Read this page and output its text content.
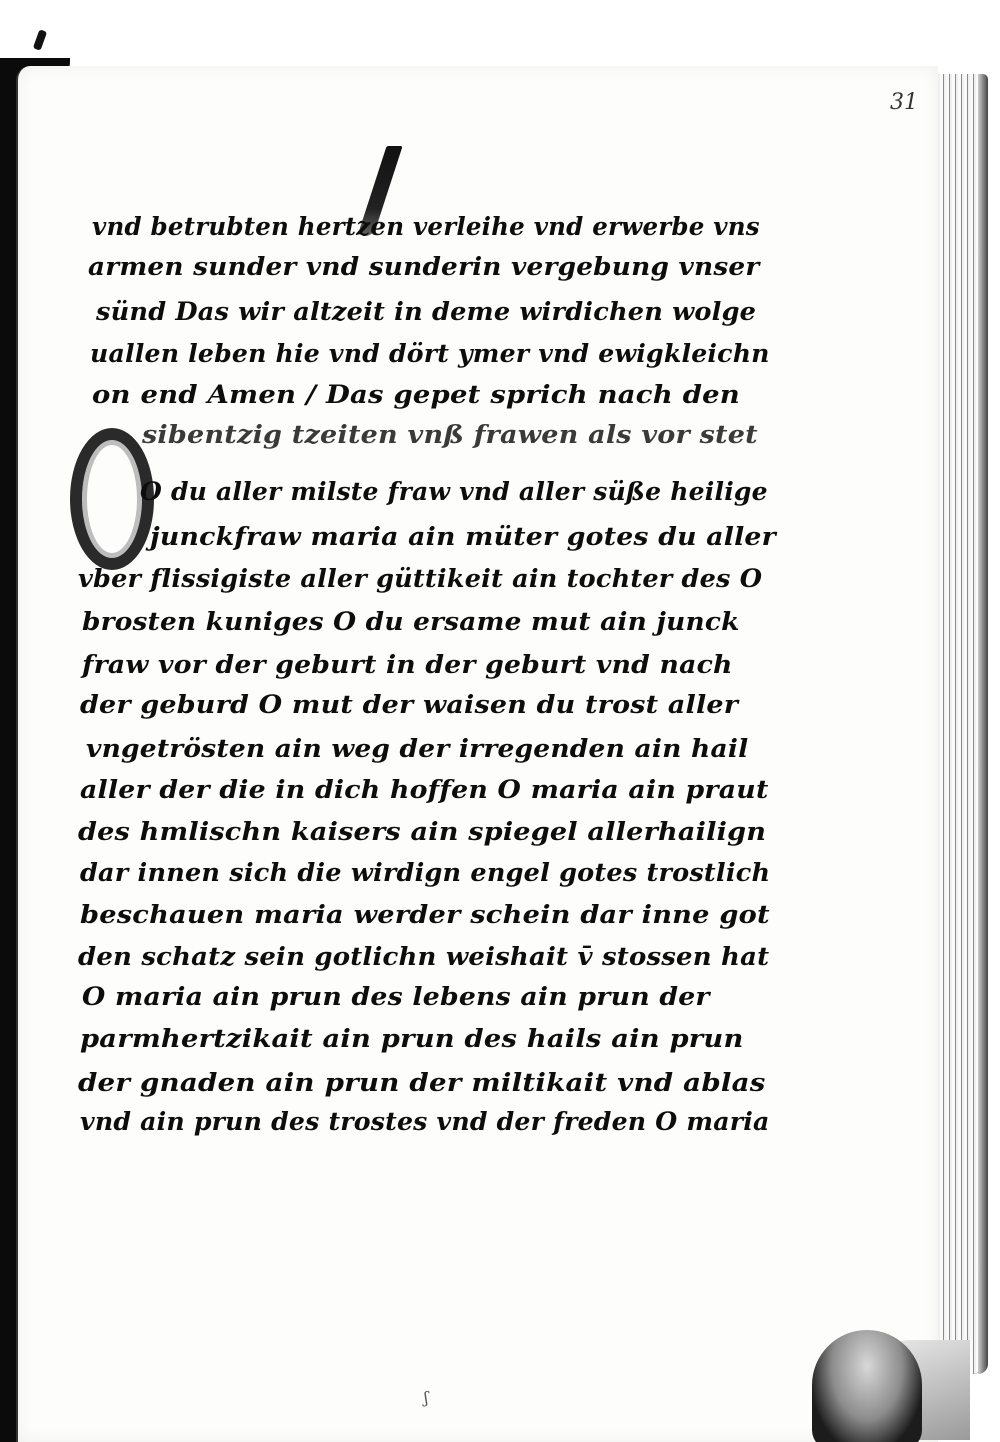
31
vnd betrubten hertzen verleihe vnd erwerbe vns
armen sunder vnd sunderin vergebung vnser
sünd Das wir altzeit in deme wirdichen wolge
uallen leben hie vnd dört ymer vnd ewigkleichn
on end Amen / Das gepet sprich nach den
sibentzig tzeiten vnß frawen als vor stet
O du aller milste fraw vnd aller süße heilige
junckfraw maria ain müter gotes du aller
vber flissigiste aller güttikeit ain tochter des O
brosten kuniges O du ersame mut ain junck
fraw vor der geburt in der geburt vnd nach
der geburd O mut der waisen du trost aller
vngetrösten ain weg der irregenden ain hail
aller der die in dich hoffen O maria ain praut
des hmlischn kaisers ain spiegel allerhailign
dar innen sich die wirdign engel gotes trostlich
beschauen maria werder schein dar inne got
den schatz sein gotlichn weishait v̄ stossen hat
O maria ain prun des lebens ain prun der
parmhertzikait ain prun des hails ain prun
der gnaden ain prun der miltikait vnd ablas
vnd ain prun des trostes vnd der freden O maria
ʃ
